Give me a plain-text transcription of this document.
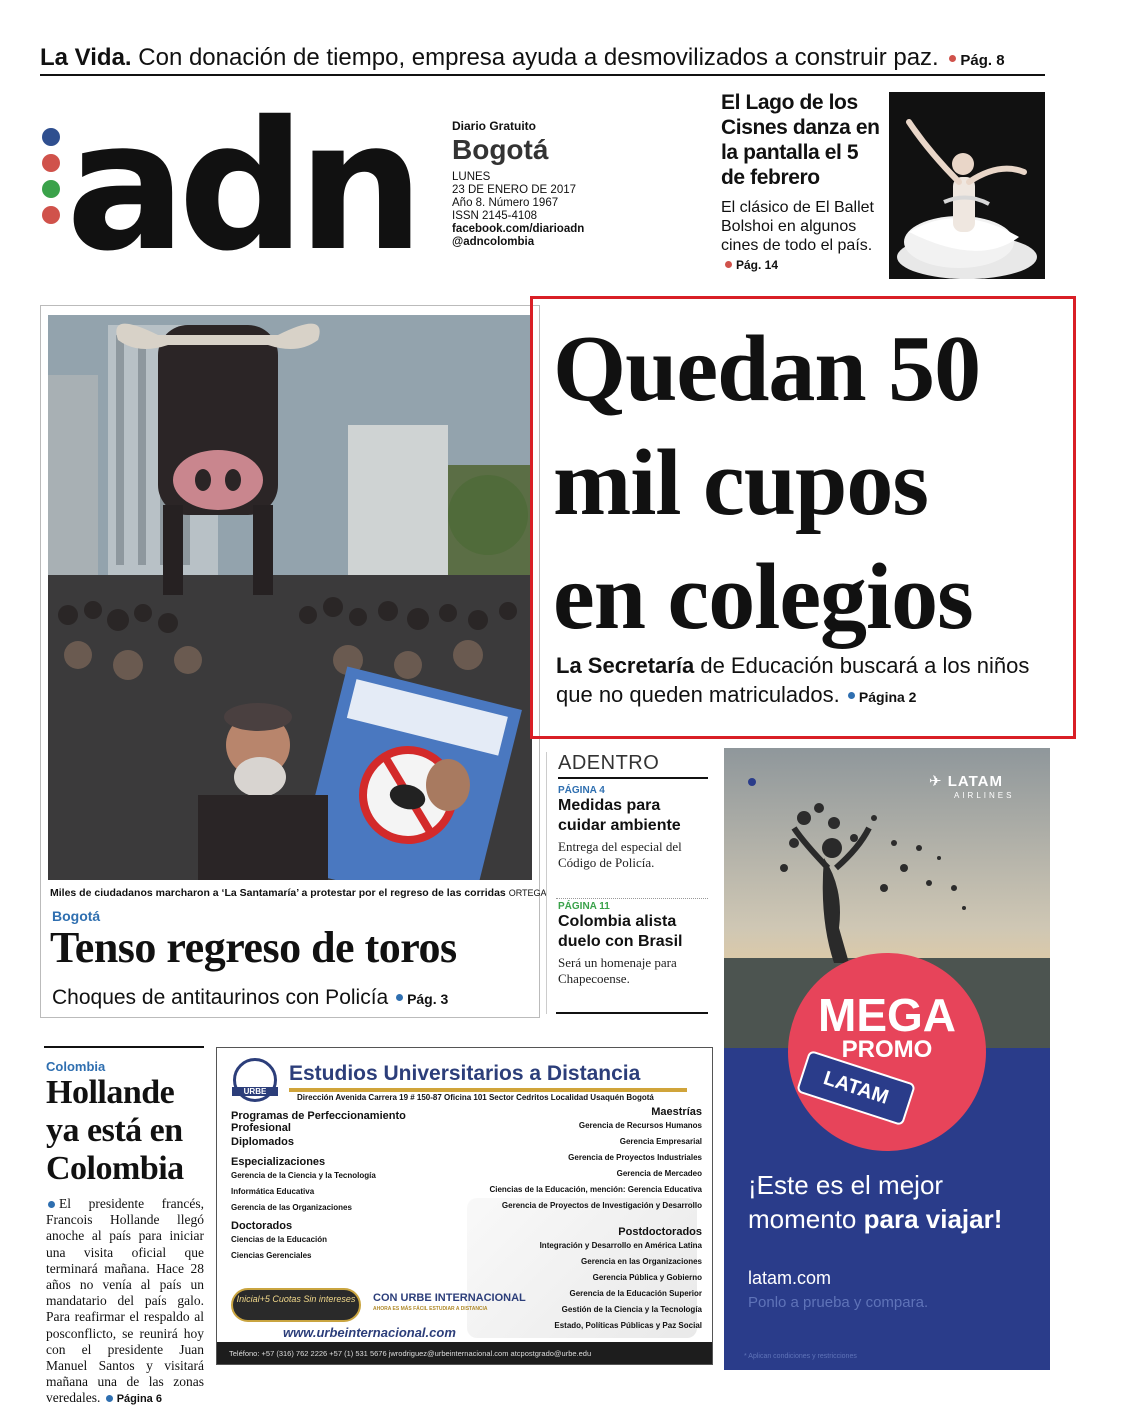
La Vida. Con donación de tiempo, empresa ayuda a desmovilizados a construir paz. Pág. 8
adn	Diario Gratuito
Bogotá
LUNES
23 DE ENERO DE 2017
Año 8. Número 1967
ISSN 2145-4108
facebook.com/diarioadn
@adncolombia
El Lago de los Cisnes danza en la pantalla el 5 de febrero
El clásico de El Ballet Bolshoi en algunos cines de todo el país. Pág. 14
Miles de ciudadanos marcharon a ‘La Santamaría’ a protestar por el regreso de las corridas ORTEGA
Bogotá
Tenso regreso de toros
Choques de antitaurinos con Policía Pág. 3
Quedan 50
mil cupos
en colegios
La Secretaría de Educación buscará a los niños que no queden matriculados. Página 2
ADENTRO
PÁGINA 4
Medidas para cuidar ambiente
Entrega del especial del Código de Policía.
PÁGINA 11
Colombia alista duelo con Brasil
Será un homenaje para Chapecoense.
✈ LATAM
AIRLINES
MEGA
PROMO
LATAM
¡Este es el mejor momento para viajar!
latam.com
Ponlo a prueba y compara.
* Aplican condiciones y restricciones
Colombia
Hollande ya está en Colombia
El presidente francés, Francois Hollande llegó anoche al país para iniciar una visita oficial que terminará mañana. Hace 28 años no venía al país un mandatario del país galo. Para reafirmar el respaldo al posconflicto, se reunirá hoy con el presidente Juan Manuel Santos y visitará mañana una de las zonas veredales. Página 6
URBE
Estudios Universitarios a Distancia
Dirección Avenida Carrera 19 # 150-87 Oficina 101 Sector Cedritos Localidad Usaquén Bogotá
Programas de Perfeccionamiento Profesional
Diplomados
Especializaciones
Gerencia de la Ciencia y la Tecnología
Informática Educativa
Gerencia de las Organizaciones
Doctorados
Ciencias de la Educación
Ciencias Gerenciales
Maestrías
Gerencia de Recursos Humanos
Gerencia Empresarial
Gerencia de Proyectos Industriales
Gerencia de Mercadeo
Ciencias de la Educación, mención: Gerencia Educativa
Gerencia de Proyectos de Investigación y Desarrollo
Postdoctorados
Integración y Desarrollo en América Latina
Gerencia en las Organizaciones
Gerencia Pública y Gobierno
Gerencia de la Educación Superior
Gestión de la Ciencia y la Tecnología
Estado, Políticas Públicas y Paz Social
Inicial+5 Cuotas Sin intereses	CON URBE INTERNACIONAL
AHORA ES MÁS FÁCIL ESTUDIAR A DISTANCIA
www.urbeinternacional.com
Teléfono: +57 (316) 762 2226 +57 (1) 531 5676 jwrodriguez@urbeinternacional.com atcpostgrado@urbe.edu
